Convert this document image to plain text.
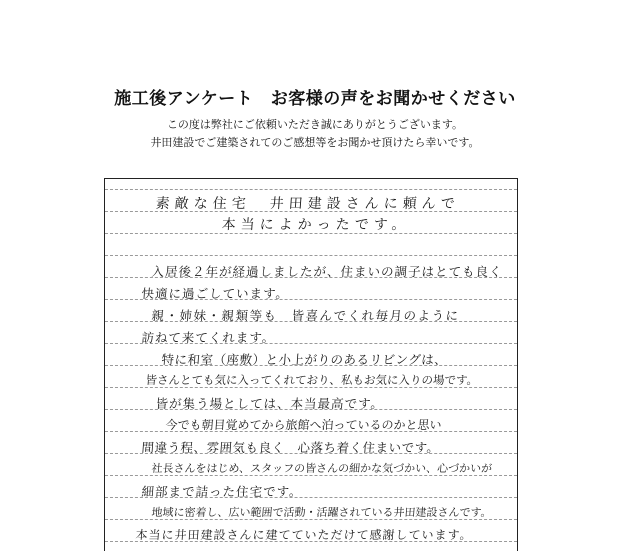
施工後アンケート　お客様の声をお聞かせください
この度は弊社にご依頼いただき誠にありがとうございます。
井田建設でご建築されてのご感想等をお聞かせ頂けたら幸いです。
素敵な住宅　井田建設さんに頼んで
本当によかったです。
入居後２年が経過しましたが、住まいの調子はとても良く
快適に過ごしています。
親・姉妹・親類等も　皆喜んでくれ毎月のように
訪ねて来てくれます。
特に和室（座敷）と小上がりのあるリビングは、
皆さんとても気に入ってくれており、私もお気に入りの場です。
皆が集う場としては、本当最高です。
今でも朝目覚めてから旅館へ泊っているのかと思い
間違う程、雰囲気も良く　心落ち着く住まいです。
社長さんをはじめ、スタッフの皆さんの細かな気づかい、心づかいが
細部まで詰った住宅です。
地域に密着し、広い範囲で活動・活躍されている井田建設さんです。
本当に井田建設さんに建てていただけて感謝しています。
